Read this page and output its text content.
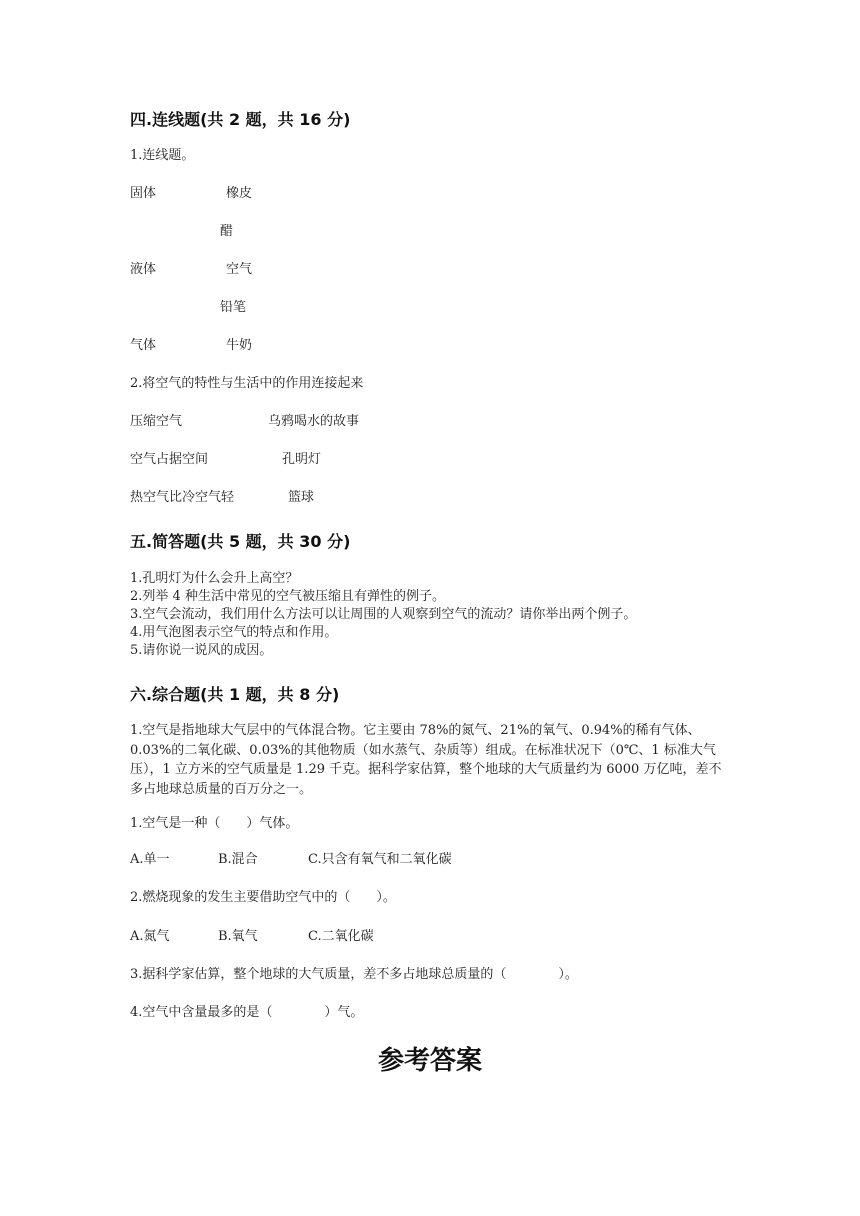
四.连线题(共 2 题，共 16 分)
1.连线题。
固体	橡皮
醋
液体	空气
铅笔
气体	牛奶
2.将空气的特性与生活中的作用连接起来
压缩空气	乌鸦喝水的故事
空气占据空间	孔明灯
热空气比冷空气轻	篮球
五.简答题(共 5 题，共 30 分)
1.孔明灯为什么会升上高空？
2.列举 4 种生活中常见的空气被压缩且有弹性的例子。
3.空气会流动，我们用什么方法可以让周围的人观察到空气的流动？请你举出两个例子。
4.用气泡图表示空气的特点和作用。
5.请你说一说风的成因。
六.综合题(共 1 题，共 8 分)
1.空气是指地球大气层中的气体混合物。它主要由 78%的氮气、21%的氧气、0.94%的稀有气体、0.03%的二氧化碳、0.03%的其他物质（如水蒸气、杂质等）组成。在标准状况下（0℃、1 标准大气压），1 立方米的空气质量是 1.29 千克。据科学家估算，整个地球的大气质量约为 6000 万亿吨，差不多占地球总质量的百万分之一。
1.空气是一种（　　）气体。
A.单一	B.混合	C.只含有氧气和二氧化碳
2.燃烧现象的发生主要借助空气中的（　　）。
A.氮气	B.氧气	C.二氧化碳
3.据科学家估算，整个地球的大气质量，差不多占地球总质量的（　　　　）。
4.空气中含量最多的是（　　　　）气。
参考答案
